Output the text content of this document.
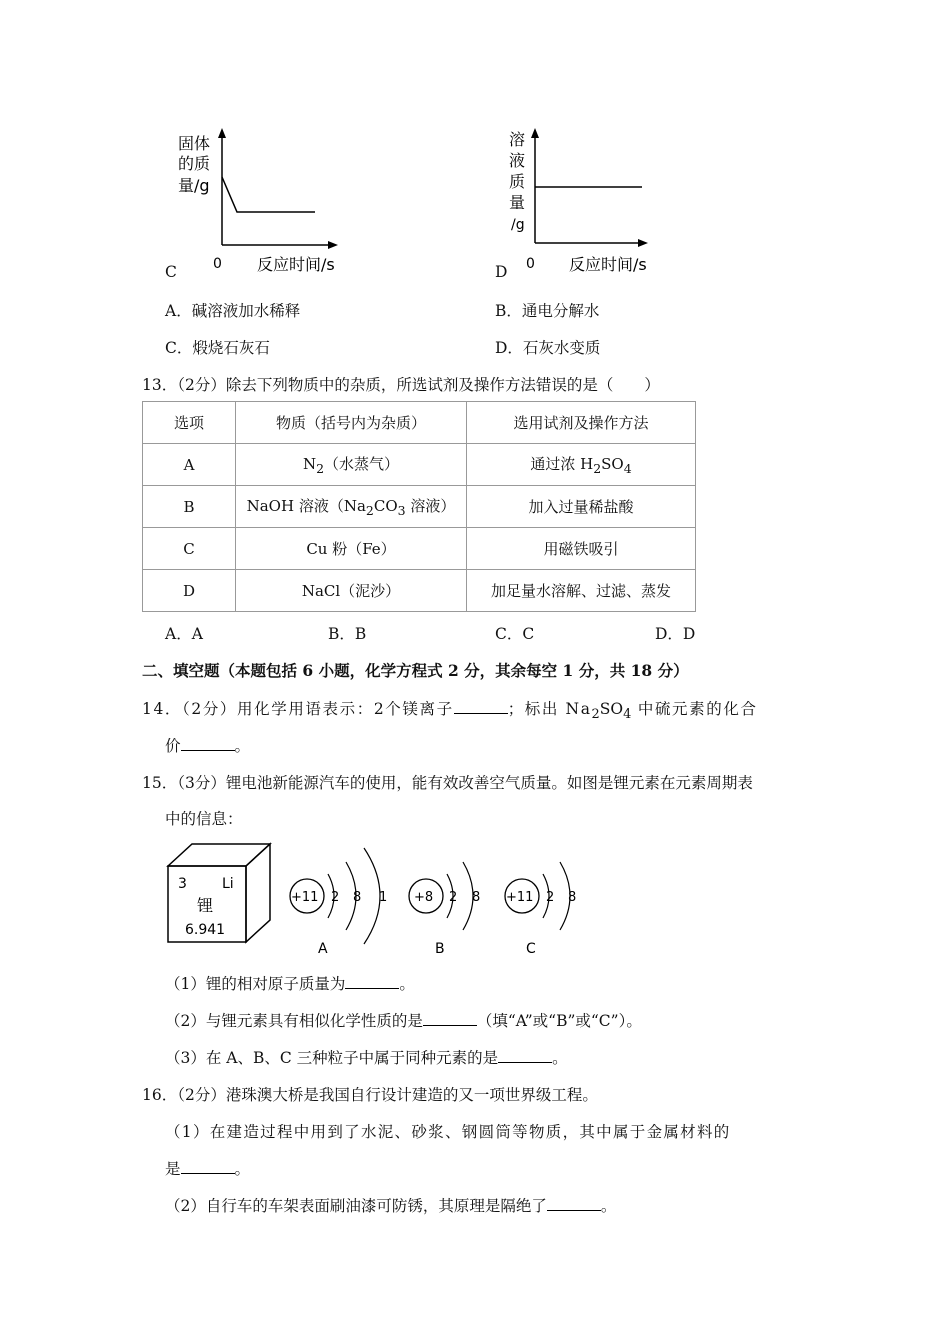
固体
的质
量/g
0 反应时间/s
C
溶
液
质
量
/g
0 反应时间/s
D
A．碱溶液加水稀释	B．通电分解水
C．煅烧石灰石	D．石灰水变质
13．（2分）除去下列物质中的杂质，所选试剂及操作方法错误的是（　　）
选项	物质（括号内为杂质）	选用试剂及操作方法
A	$N_2$（水蒸气）	通过浓 $H_2SO_4$
B	NaOH 溶液（$Na_2CO_3$ 溶液）	加入过量稀盐酸
C	Cu 粉（Fe）	用磁铁吸引
D	NaCl（泥沙）	加足量水溶解、过滤、蒸发
A．A	B．B	C．C	D．D
二、填空题（本题包括 6 小题，化学方程式 2 分，其余每空 1 分，共 18 分）
14．（2分）用化学用语表示：2个镁离子	；标出 $Na_2SO_4$ 中硫元素的化合
价	。
15．（3分）锂电池新能源汽车的使用，能有效改善空气质量。如图是锂元素在元素周期表
中的信息：
3	Li
锂
6.941
+11 2 8 1
A
+8 2 8
B
+11 2 8
C
（1）锂的相对原子质量为	。
（2）与锂元素具有相似化学性质的是	（填“A”或“B”或“C”）。
（3）在 A、B、C 三种粒子中属于同种元素的是	。
16．（2分）港珠澳大桥是我国自行设计建造的又一项世界级工程。
（1）在建造过程中用到了水泥、砂浆、钢圆筒等物质，其中属于金属材料的
是	。
（2）自行车的车架表面刷油漆可防锈，其原理是隔绝了	。
